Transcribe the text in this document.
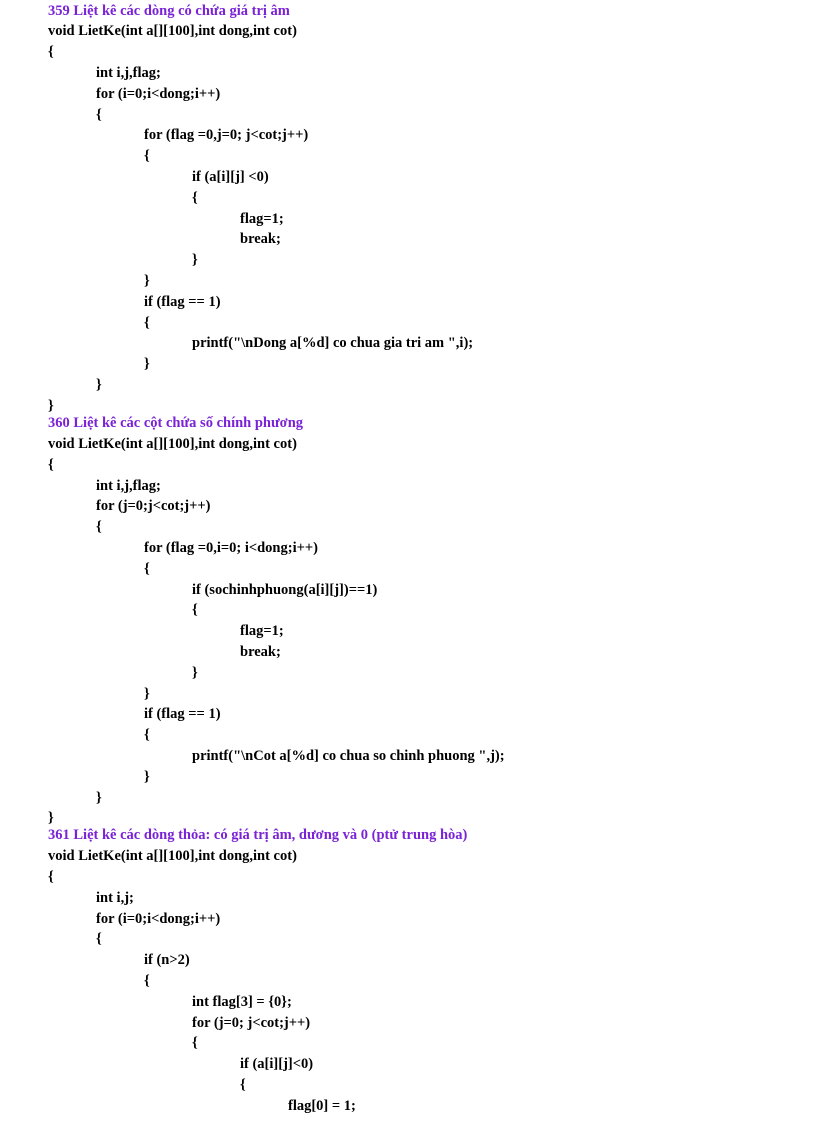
359 Liệt kê các dòng có chứa giá trị âm
void LietKe(int a[][100],int dong,int cot)
{
int i,j,flag;
for (i=0;i<dong;i++)
{
for (flag =0,j=0; j<cot;j++)
{
if (a[i][j] <0)
{
flag=1;
break;
}
}
if (flag == 1)
{
printf("\nDong a[%d] co chua gia tri am ",i);
}
}
}
360 Liệt kê các cột chứa số chính phương
void LietKe(int a[][100],int dong,int cot)
{
int i,j,flag;
for (j=0;j<cot;j++)
{
for (flag =0,i=0; i<dong;i++)
{
if (sochinhphuong(a[i][j])==1)
{
flag=1;
break;
}
}
if (flag == 1)
{
printf("\nCot a[%d] co chua so chinh phuong ",j);
}
}
}
361 Liệt kê các dòng thỏa: có giá trị âm, dương và 0 (ptử trung hòa)
void LietKe(int a[][100],int dong,int cot)
{
int i,j;
for (i=0;i<dong;i++)
{
if (n>2)
{
int flag[3] = {0};
for (j=0; j<cot;j++)
{
if (a[i][j]<0)
{
flag[0] = 1;
